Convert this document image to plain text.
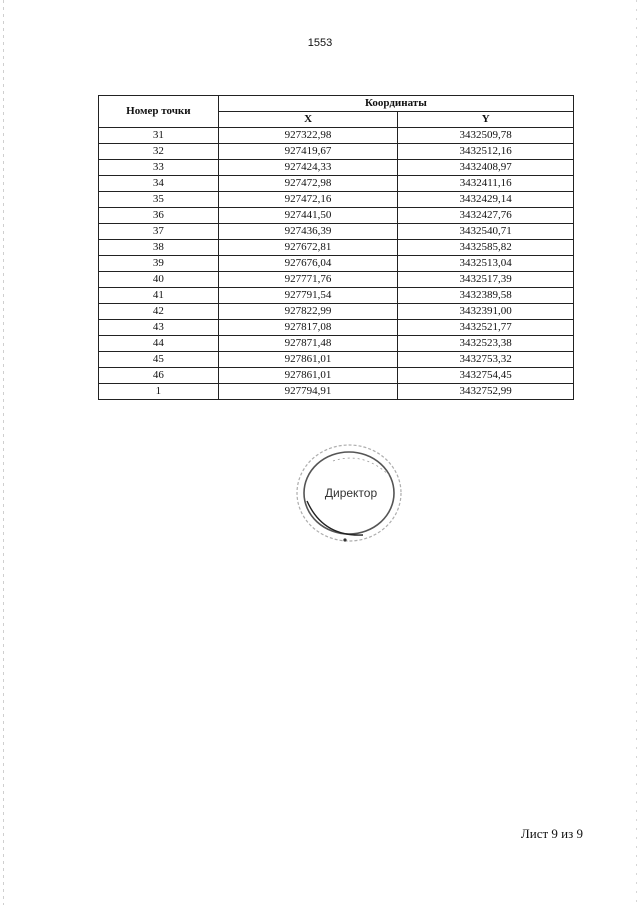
1553
Номер точки	Координаты	
	X	Y
31	927322,98	3432509,78
32	927419,67	3432512,16
33	927424,33	3432408,97
34	927472,98	3432411,16
35	927472,16	3432429,14
36	927441,50	3432427,76
37	927436,39	3432540,71
38	927672,81	3432585,82
39	927676,04	3432513,04
40	927771,76	3432517,39
41	927791,54	3432389,58
42	927822,99	3432391,00
43	927817,08	3432521,77
44	927871,48	3432523,38
45	927861,01	3432753,32
46	927861,01	3432754,45
1	927794,91	3432752,99
Директор
Лист 9 из 9
